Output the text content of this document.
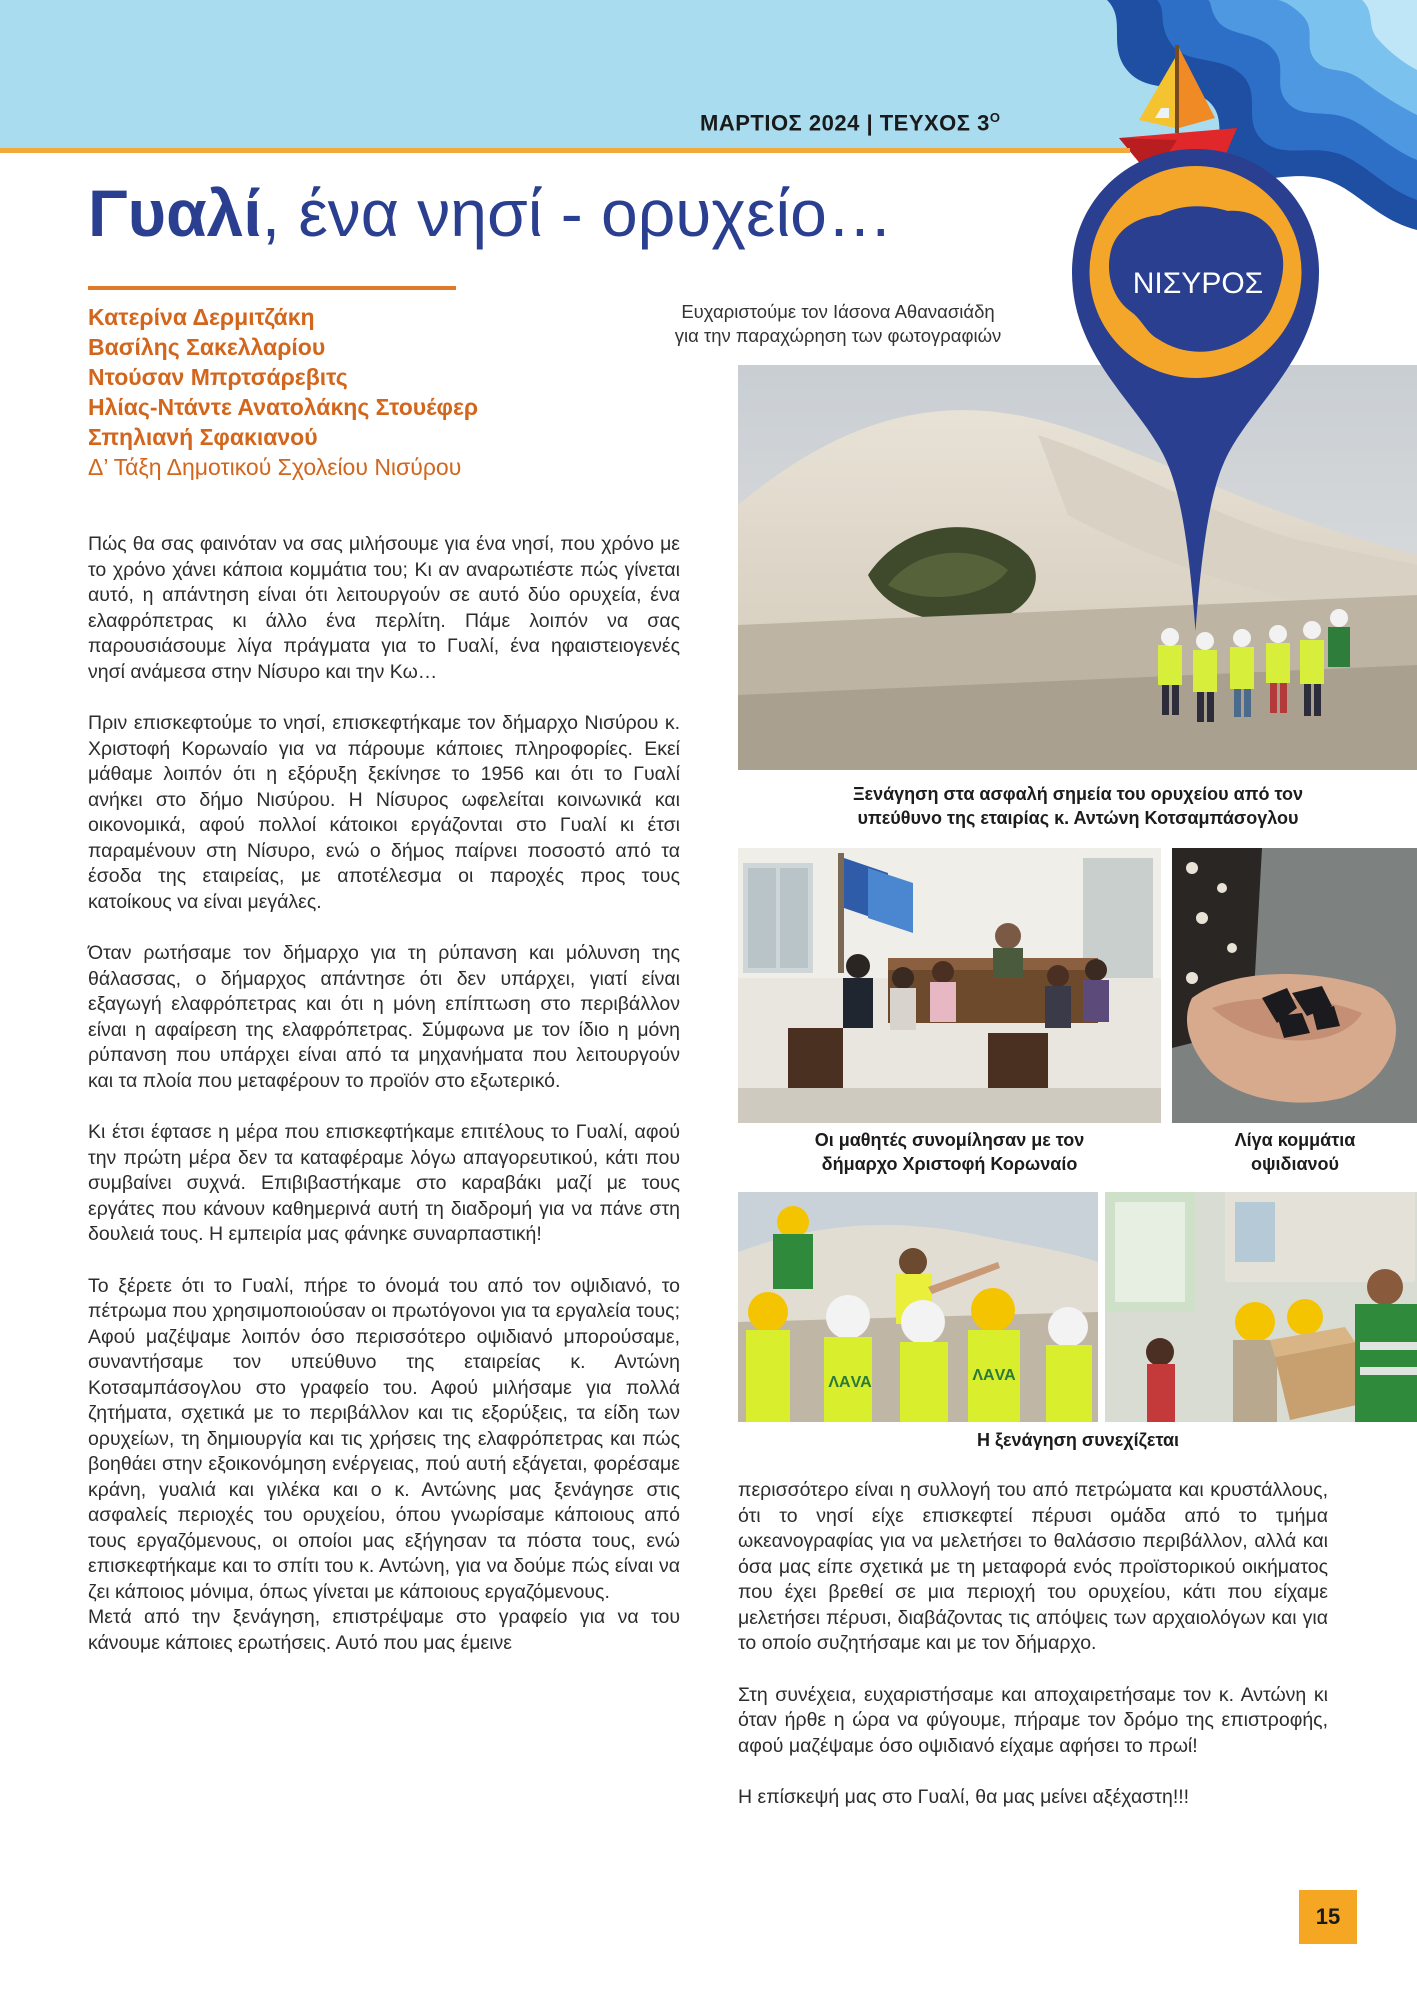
ΜΑΡΤΙΟΣ 2024 | ΤΕΥΧΟΣ $3^O$
Γυαλί, ένα νησί - ορυχείο…
Κατερίνα Δερμιτζάκη
Βασίλης Σακελλαρίου
Ντούσαν Μπρτσάρεβιτς
Ηλίας-Ντάντε Ανατολάκης Στουέφερ
Σπηλιανή Σφακιανού
Δ’ Τάξη Δημοτικού Σχολείου Νισύρου
Ευχαριστούμε τον Ιάσονα Αθανασιάδη
για την παραχώρηση των φωτογραφιών
Ξενάγηση στα ασφαλή σημεία του ορυχείου από τον
υπεύθυνο της εταιρίας κ. Αντώνη Κοτσαμπάσογλου
Οι μαθητές συνομίλησαν με τον
δήμαρχο Χριστοφή Κορωναίο
Λίγα κομμάτια
οψιδιανού
ΛΑVA	ΛΑVA
Η ξενάγηση συνεχίζεται
ΝΙΣΥΡΟΣ

Πώς θα σας φαινόταν να σας μιλήσουμε για ένα νησί, που χρόνο με το χρόνο χάνει κάποια κομμάτια του; Κι αν αναρωτιέστε πώς γίνεται αυτό, η απάντηση είναι ότι λειτουργούν σε αυτό δύο ορυχεία, ένα ελαφρόπετρας κι άλλο ένα περλίτη. Πάμε λοιπόν να σας παρουσιάσουμε λίγα πράγματα για το Γυαλί, ένα ηφαιστειογενές νησί ανάμεσα στην Νίσυρο και την Κω…

Πριν επισκεφτούμε το νησί, επισκεφτήκαμε τον δήμαρχο Νισύρου κ. Χριστοφή Κορωναίο για να πάρουμε κάποιες πληροφορίες. Εκεί μάθαμε λοιπόν ότι η εξόρυξη ξεκίνησε το 1956 και ότι το Γυαλί ανήκει στο δήμο Νισύρου. Η Νίσυρος ωφελείται κοινωνικά και οικονομικά, αφού πολλοί κάτοικοι εργάζονται στο Γυαλί κι έτσι παραμένουν στη Νίσυρο, ενώ ο δήμος παίρνει ποσοστό από τα έσοδα της εταιρείας, με αποτέλεσμα οι παροχές προς τους κατοίκους να είναι μεγάλες.

Όταν ρωτήσαμε τον δήμαρχο για τη ρύπανση και μόλυνση της θάλασσας, ο δήμαρχος απάντησε ότι δεν υπάρχει, γιατί είναι εξαγωγή ελαφρόπετρας και ότι η μόνη επίπτωση στο περιβάλλον είναι η αφαίρεση της ελαφρόπετρας. Σύμφωνα με τον ίδιο η μόνη ρύπανση που υπάρχει είναι από τα μηχανήματα που λειτουργούν και τα πλοία που μεταφέρουν το προϊόν στο εξωτερικό.

Κι έτσι έφτασε η μέρα που επισκεφτήκαμε επιτέλους το Γυαλί, αφού την πρώτη μέρα δεν τα καταφέραμε λόγω απαγορευτικού, κάτι που συμβαίνει συχνά. Επιβιβαστήκαμε στο καραβάκι μαζί με τους εργάτες που κάνουν καθημερινά αυτή τη διαδρομή για να πάνε στη δουλειά τους. Η εμπειρία μας φάνηκε συναρπαστική!

Το ξέρετε ότι το Γυαλί, πήρε το όνομά του από τον οψιδιανό, το πέτρωμα που χρησιμοποιούσαν οι πρωτόγονοι για τα εργαλεία τους; Αφού μαζέψαμε λοιπόν όσο περισσότερο οψιδιανό μπορούσαμε, συναντήσαμε τον υπεύθυνο της εταιρείας κ. Αντώνη Κοτσαμπάσογλου στο γραφείο του. Αφού μιλήσαμε για πολλά ζητήματα, σχετικά με το περιβάλλον και τις εξορύξεις, τα είδη των ορυχείων, τη δημιουργία και τις χρήσεις της ελαφρόπετρας και πώς βοηθάει στην εξοικονόμηση ενέργειας, πού αυτή εξάγεται, φορέσαμε κράνη, γυαλιά και γιλέκα και ο κ. Αντώνης μας ξενάγησε στις ασφαλείς περιοχές του ορυχείου, όπου γνωρίσαμε κάποιους από τους εργαζόμενους, οι οποίοι μας εξήγησαν τα πόστα τους, ενώ επισκεφτήκαμε και το σπίτι του κ. Αντώνη, για να δούμε πώς είναι να ζει κάποιος μόνιμα, όπως γίνεται με κάποιους εργαζόμενους.

Μετά από την ξενάγηση, επιστρέψαμε στο γραφείο για να του κάνουμε κάποιες ερωτήσεις. Αυτό που μας έμεινε

περισσότερο είναι η συλλογή του από πετρώματα και κρυστάλλους, ότι το νησί είχε επισκεφτεί πέρυσι ομάδα από το τμήμα ωκεανογραφίας για να μελετήσει το θαλάσσιο περιβάλλον, αλλά και όσα μας είπε σχετικά με τη μεταφορά ενός προϊστορικού οικήματος που έχει βρεθεί σε μια περιοχή του ορυχείου, κάτι που είχαμε μελετήσει πέρυσι, διαβάζοντας τις απόψεις των αρχαιολόγων και για το οποίο συζητήσαμε και με τον δήμαρχο.

Στη συνέχεια, ευχαριστήσαμε και αποχαιρετήσαμε τον κ. Αντώνη κι όταν ήρθε η ώρα να φύγουμε, πήραμε τον δρόμο της επιστροφής, αφού μαζέψαμε όσο οψιδιανό είχαμε αφήσει το πρωί!

Η επίσκεψή μας στο Γυαλί, θα μας μείνει αξέχαστη!!!

15
